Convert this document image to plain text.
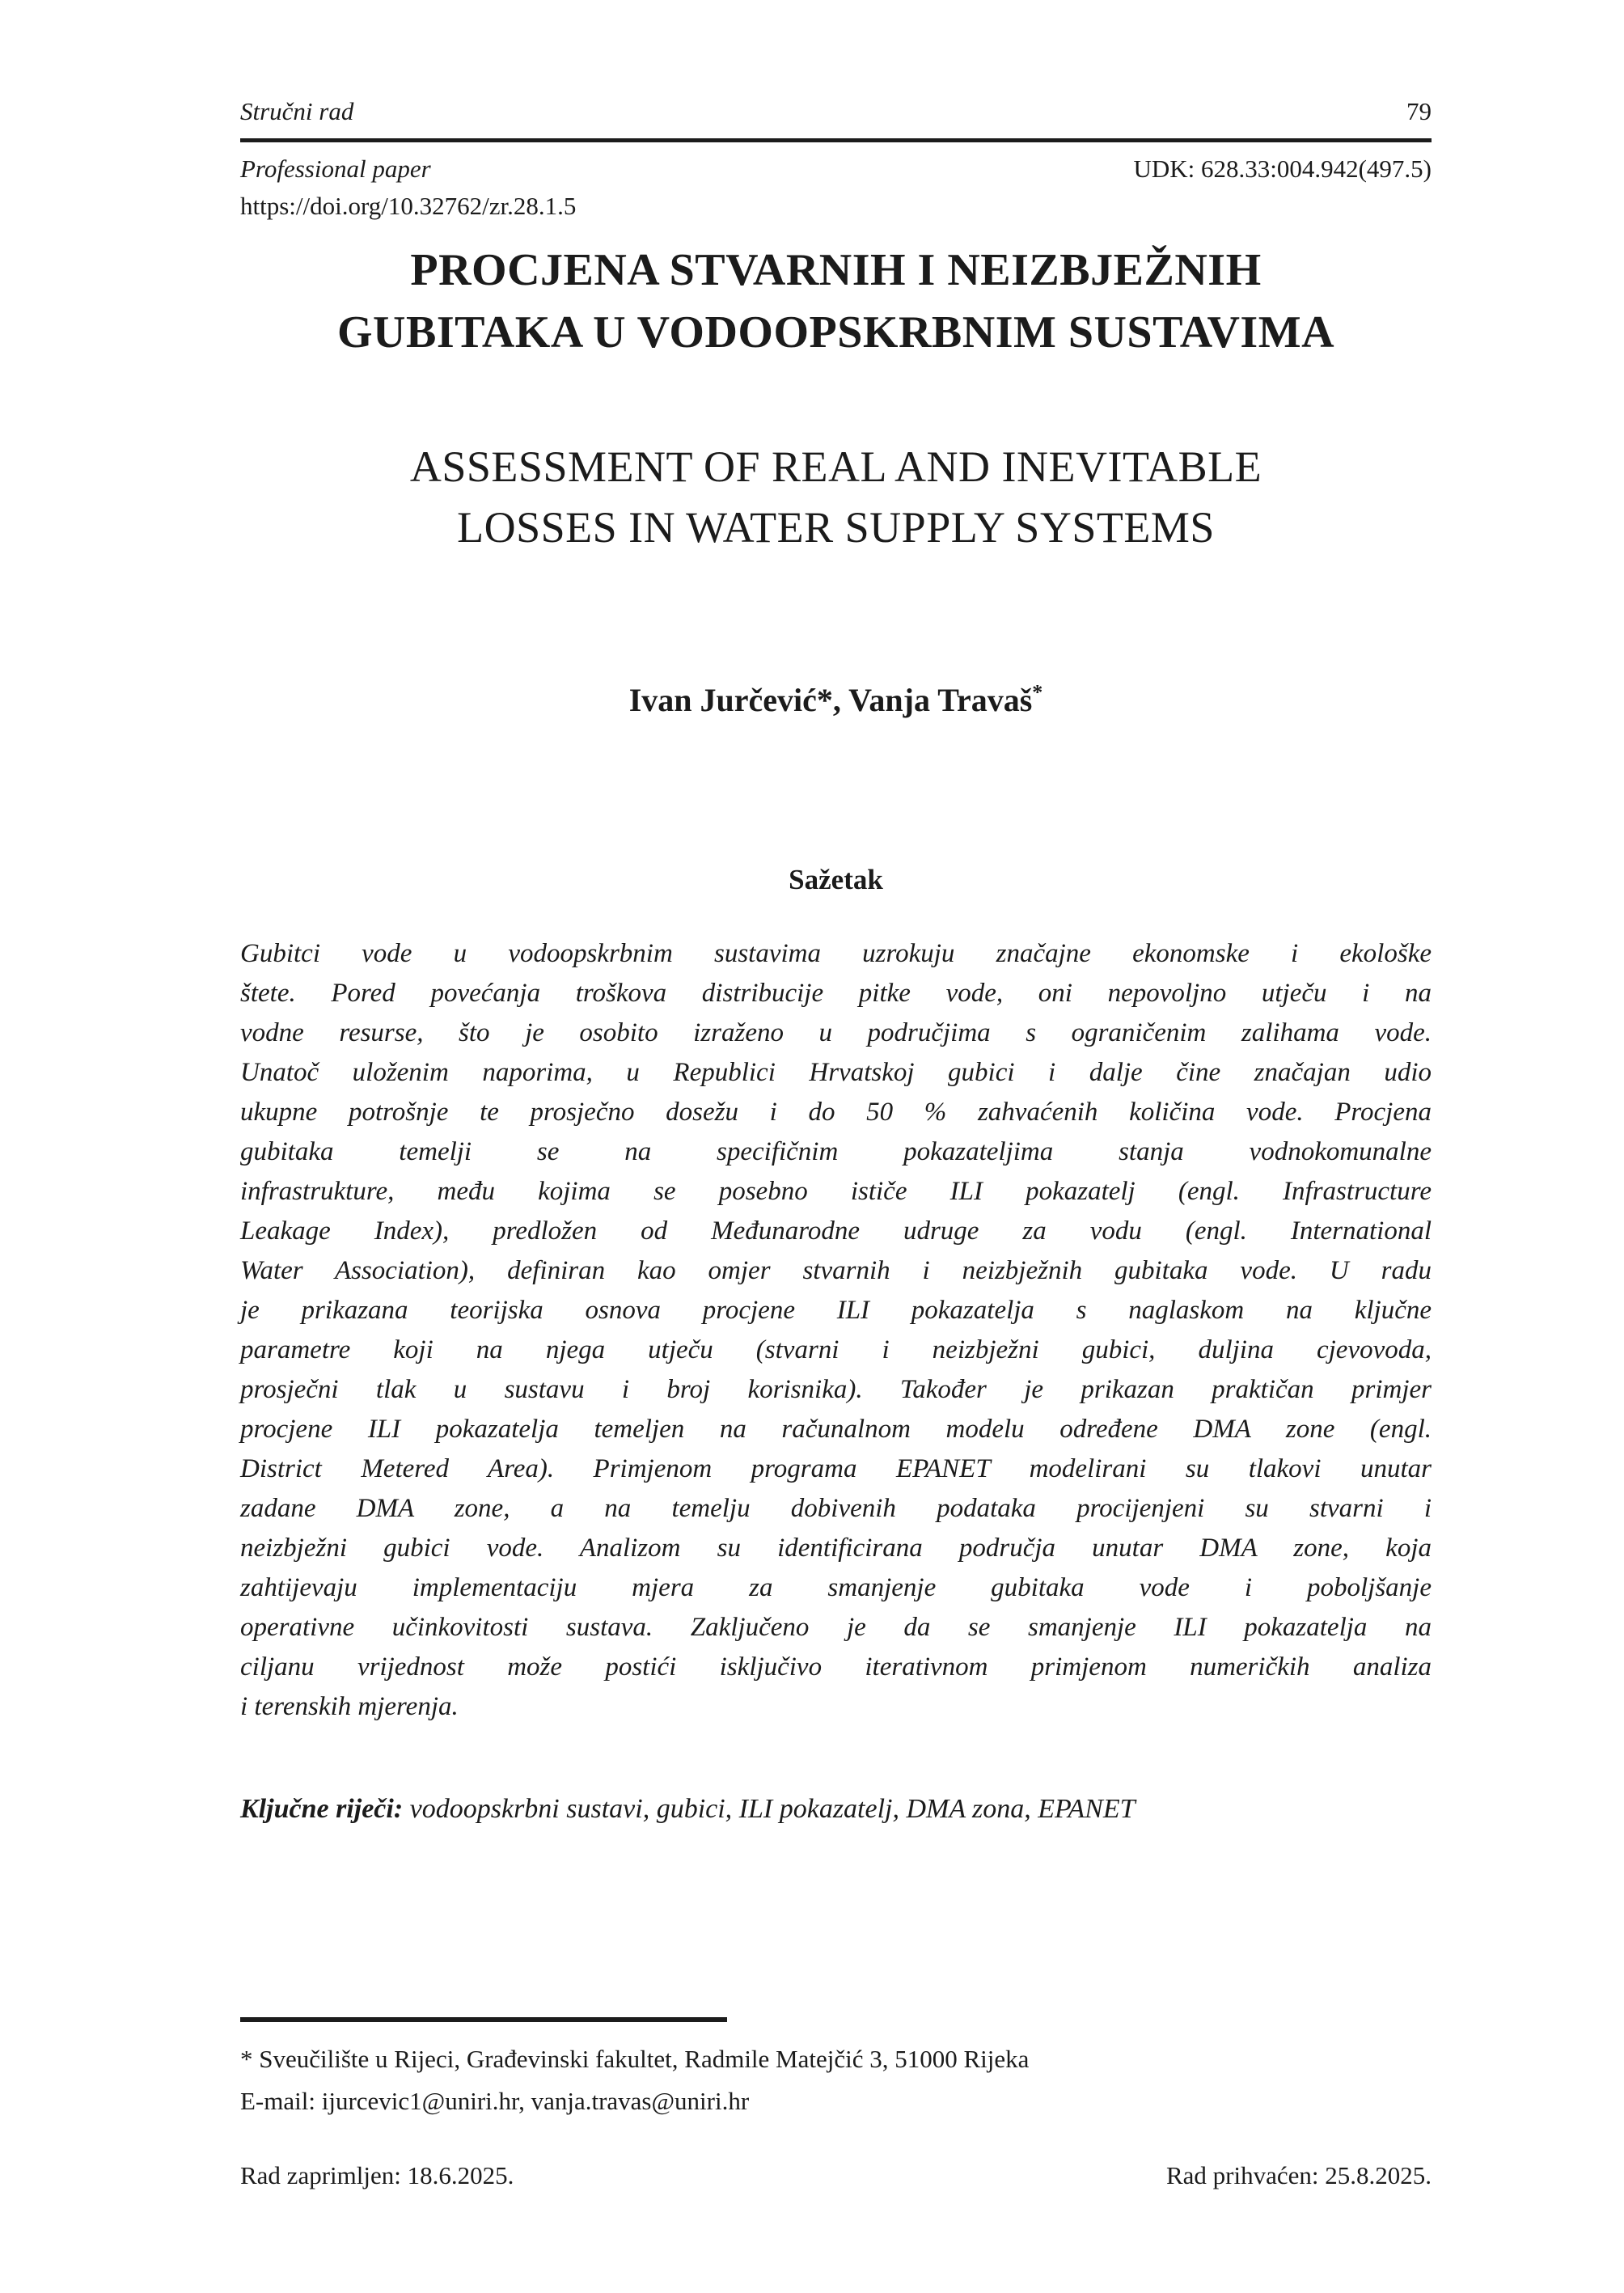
Stručni rad	79
Professional paper	UDK: 628.33:004.942(497.5)
https://doi.org/10.32762/zr.28.1.5
PROCJENA STVARNIH I NEIZBJEŽNIH
GUBITAKA U VODOOPSKRBNIM SUSTAVIMA
ASSESSMENT OF REAL AND INEVITABLE
LOSSES IN WATER SUPPLY SYSTEMS
Ivan Jurčević*, Vanja Travaš*
Sažetak
Gubitci vode u vodoopskrbnim sustavima uzrokuju značajne ekonomske i ekološke
štete. Pored povećanja troškova distribucije pitke vode, oni nepovoljno utječu i na
vodne resurse, što je osobito izraženo u područjima s ograničenim zalihama vode.
Unatoč uloženim naporima, u Republici Hrvatskoj gubici i dalje čine značajan udio
ukupne potrošnje te prosječno dosežu i do 50 % zahvaćenih količina vode. Procjena
gubitaka temelji se na specifičnim pokazateljima stanja vodnokomunalne
infrastrukture, među kojima se posebno ističe ILI pokazatelj (engl. Infrastructure
Leakage Index), predložen od Međunarodne udruge za vodu (engl. International
Water Association), definiran kao omjer stvarnih i neizbježnih gubitaka vode. U radu
je prikazana teorijska osnova procjene ILI pokazatelja s naglaskom na ključne
parametre koji na njega utječu (stvarni i neizbježni gubici, duljina cjevovoda,
prosječni tlak u sustavu i broj korisnika). Također je prikazan praktičan primjer
procjene ILI pokazatelja temeljen na računalnom modelu određene DMA zone (engl.
District Metered Area). Primjenom programa EPANET modelirani su tlakovi unutar
zadane DMA zone, a na temelju dobivenih podataka procijenjeni su stvarni i
neizbježni gubici vode. Analizom su identificirana područja unutar DMA zone, koja
zahtijevaju implementaciju mjera za smanjenje gubitaka vode i poboljšanje
operativne učinkovitosti sustava. Zaključeno je da se smanjenje ILI pokazatelja na
ciljanu vrijednost može postići isključivo iterativnom primjenom numeričkih analiza
i terenskih mjerenja.
Ključne riječi: vodoopskrbni sustavi, gubici, ILI pokazatelj, DMA zona, EPANET
* Sveučilište u Rijeci, Građevinski fakultet, Radmile Matejčić 3, 51000 Rijeka
E-mail: ijurcevic1@uniri.hr, vanja.travas@uniri.hr
Rad zaprimljen: 18.6.2025.	Rad prihvaćen: 25.8.2025.
